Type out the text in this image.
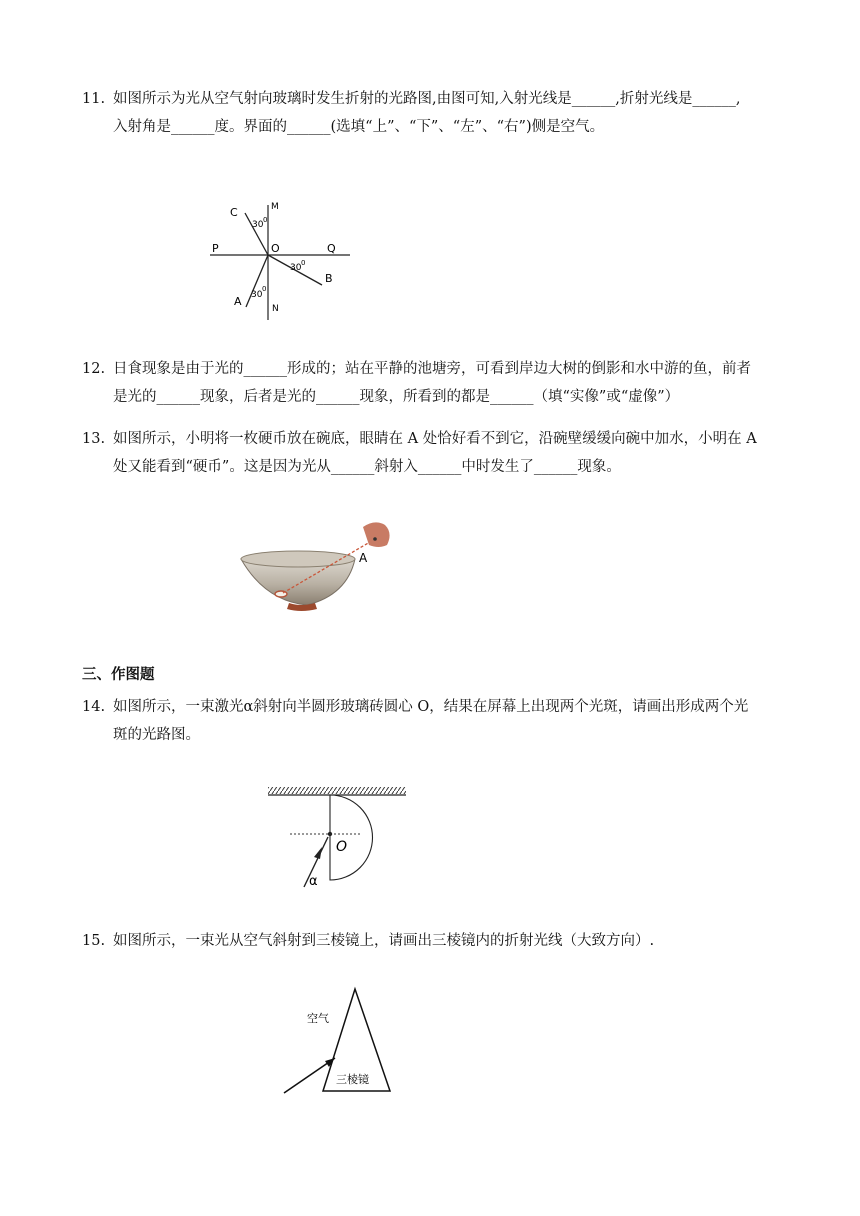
11. 如图所示为光从空气射向玻璃时发生折射的光路图,由图可知,入射光线是______,折射光线是______,
入射角是______度。界面的______(选填“上”、“下”、“左”、“右”)侧是空气。
C	M
P	O	Q
B
A
N
30 0
30 0
30
0
12. 日食现象是由于光的______形成的；站在平静的池塘旁，可看到岸边大树的倒影和水中游的鱼，前者
是光的______现象，后者是光的______现象，所看到的都是______（填“实像”或“虚像”）
13. 如图所示，小明将一枚硬币放在碗底，眼睛在 A 处恰好看不到它，沿碗壁缓缓向碗中加水，小明在 A
处又能看到“硬币”。这是因为光从______斜射入______中时发生了______现象。
A
三、作图题
14. 如图所示，一束激光α斜射向半圆形玻璃砖圆心 O，结果在屏幕上出现两个光斑，请画出形成两个光
斑的光路图。
O
α
15. 如图所示，一束光从空气斜射到三棱镜上，请画出三棱镜内的折射光线（大致方向）.
空气
三棱镜
